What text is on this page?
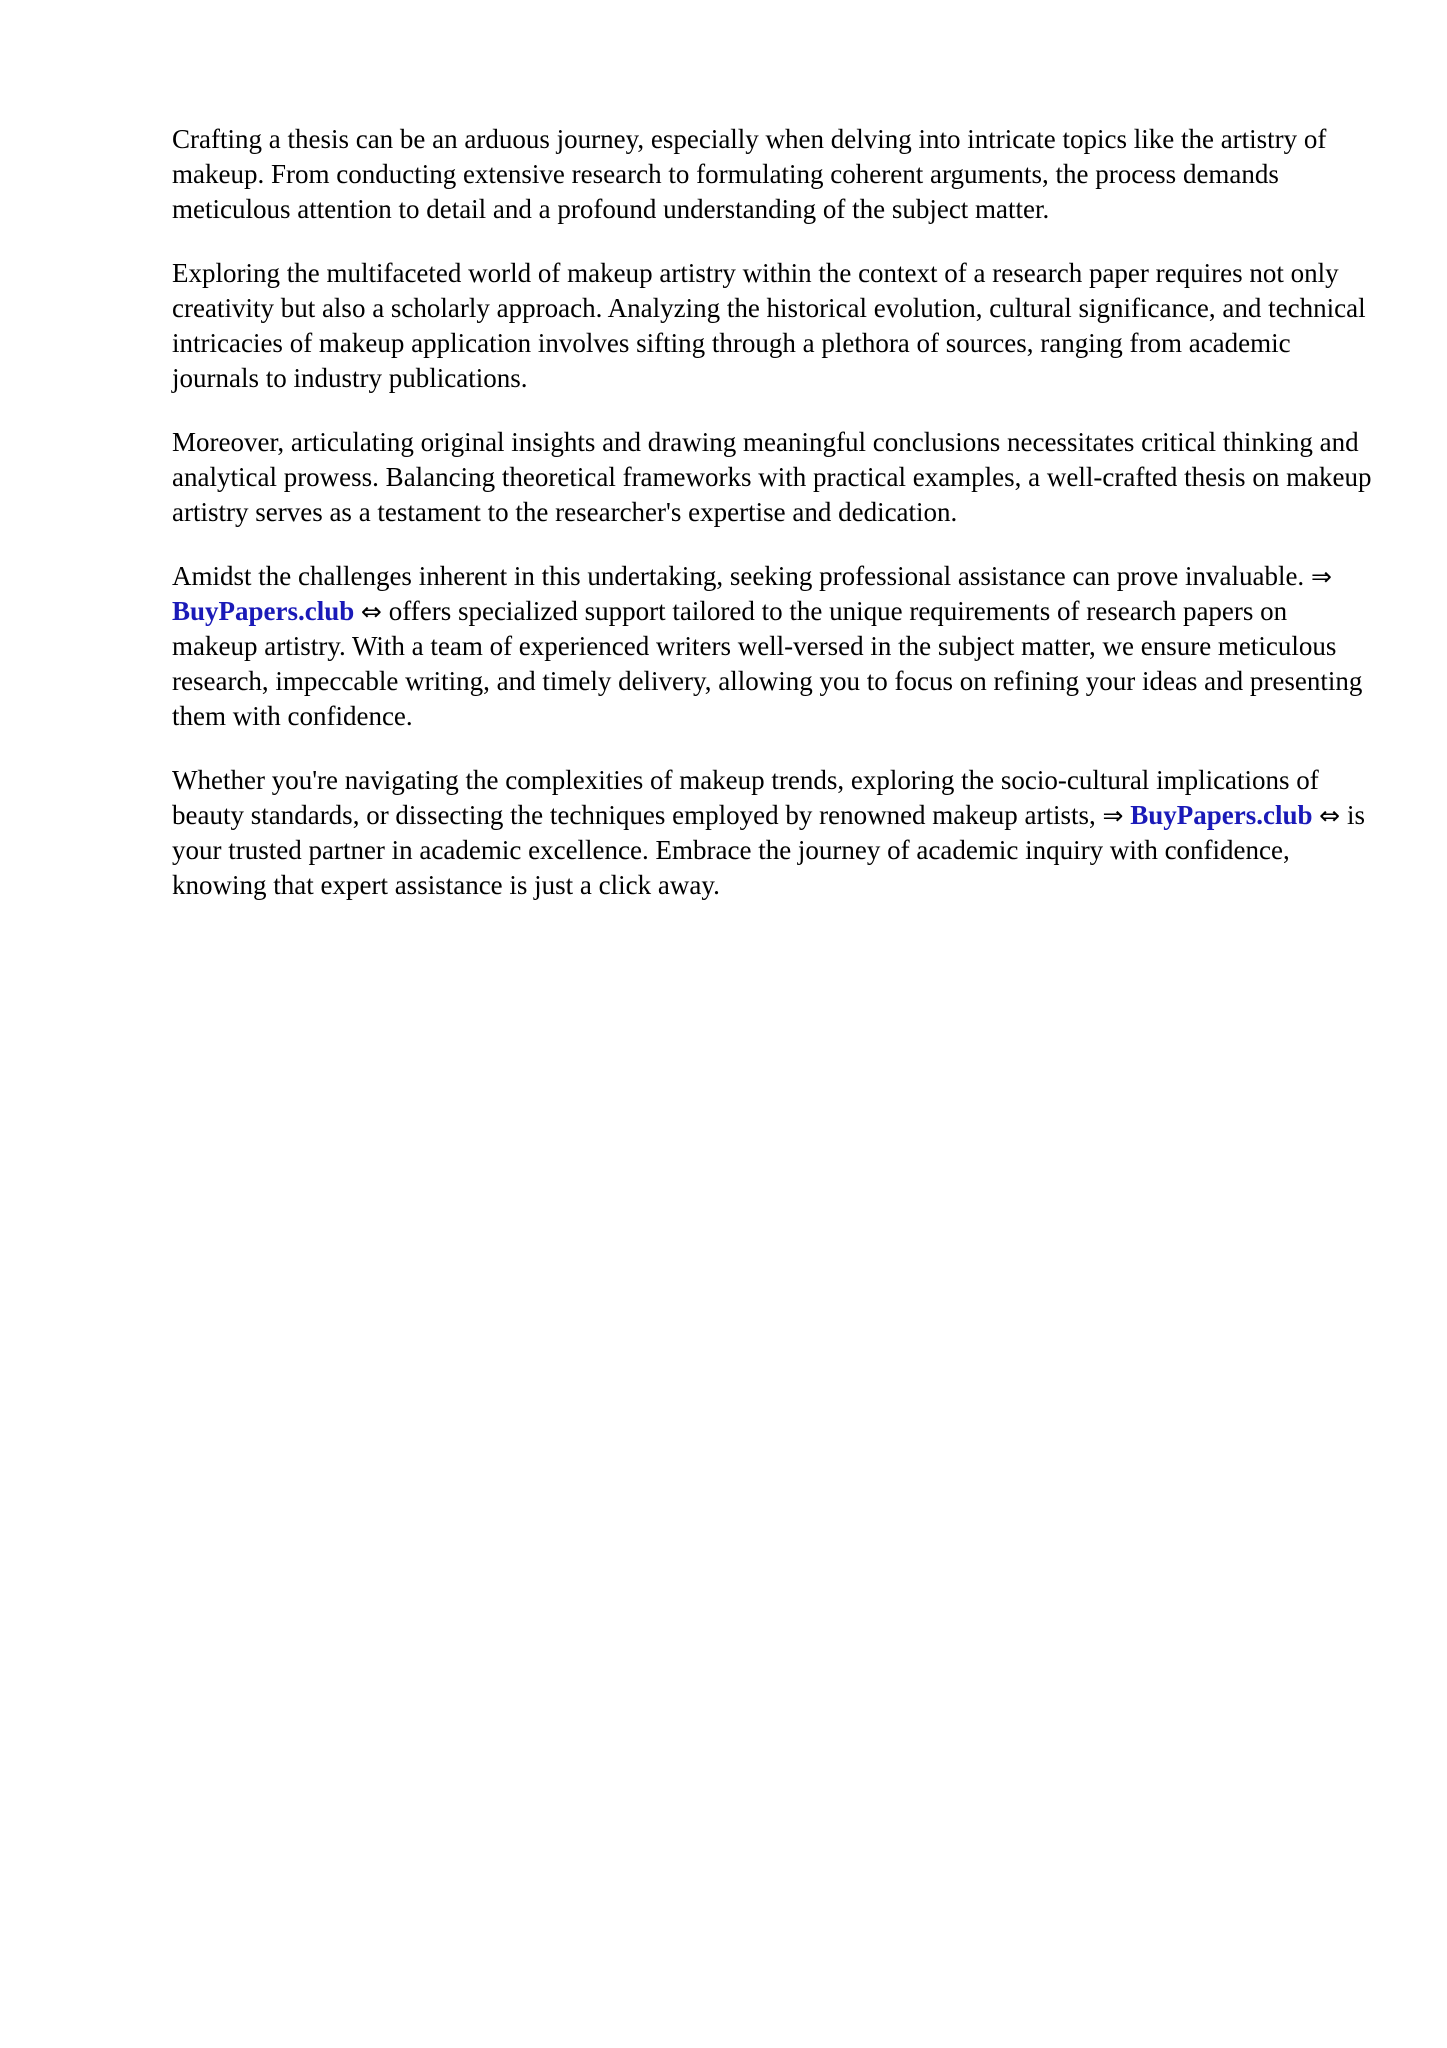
Crafting a thesis can be an arduous journey, especially when delving into intricate topics like the artistry of makeup. From conducting extensive research to formulating coherent arguments, the process demands meticulous attention to detail and a profound understanding of the subject matter.

Exploring the multifaceted world of makeup artistry within the context of a research paper requires not only creativity but also a scholarly approach. Analyzing the historical evolution, cultural significance, and technical intricacies of makeup application involves sifting through a plethora of sources, ranging from academic journals to industry publications.

Moreover, articulating original insights and drawing meaningful conclusions necessitates critical thinking and analytical prowess. Balancing theoretical frameworks with practical examples, a well-crafted thesis on makeup artistry serves as a testament to the researcher's expertise and dedication.

Amidst the challenges inherent in this undertaking, seeking professional assistance can prove invaluable. ⇒ BuyPapers.club ⇔ offers specialized support tailored to the unique requirements of research papers on makeup artistry. With a team of experienced writers well-versed in the subject matter, we ensure meticulous research, impeccable writing, and timely delivery, allowing you to focus on refining your ideas and presenting them with confidence.

Whether you're navigating the complexities of makeup trends, exploring the socio-cultural implications of beauty standards, or dissecting the techniques employed by renowned makeup artists, ⇒ BuyPapers.club ⇔ is your trusted partner in academic excellence. Embrace the journey of academic inquiry with confidence, knowing that expert assistance is just a click away.
